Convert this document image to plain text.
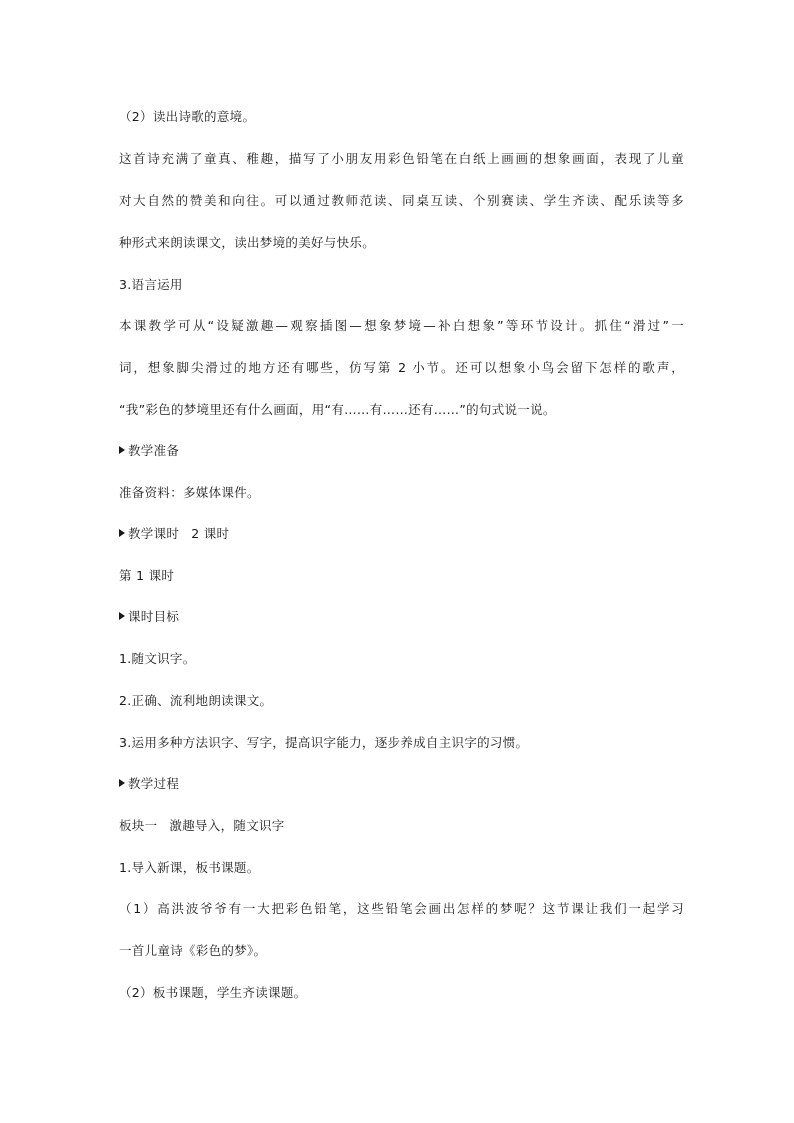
（2）读出诗歌的意境。
这首诗充满了童真、稚趣，描写了小朋友用彩色铅笔在白纸上画画的想象画面，表现了儿童
对大自然的赞美和向往。可以通过教师范读、同桌互读、个别赛读、学生齐读、配乐读等多
种形式来朗读课文，读出梦境的美好与快乐。
3.语言运用
本课教学可从“设疑激趣—观察插图—想象梦境—补白想象”等环节设计。抓住“滑过”一
词，想象脚尖滑过的地方还有哪些，仿写第 2 小节。还可以想象小鸟会留下怎样的歌声，
“我”彩色的梦境里还有什么画面，用“有……有……还有……”的句式说一说。
教学准备
准备资料：多媒体课件。
教学课时 2 课时
第 1 课时
课时目标
1.随文识字。
2.正确、流利地朗读课文。
3.运用多种方法识字、写字，提高识字能力，逐步养成自主识字的习惯。
教学过程
板块一 激趣导入，随文识字
1.导入新课，板书课题。
（1）高洪波爷爷有一大把彩色铅笔，这些铅笔会画出怎样的梦呢？这节课让我们一起学习
一首儿童诗《彩色的梦》。
（2）板书课题，学生齐读课题。
